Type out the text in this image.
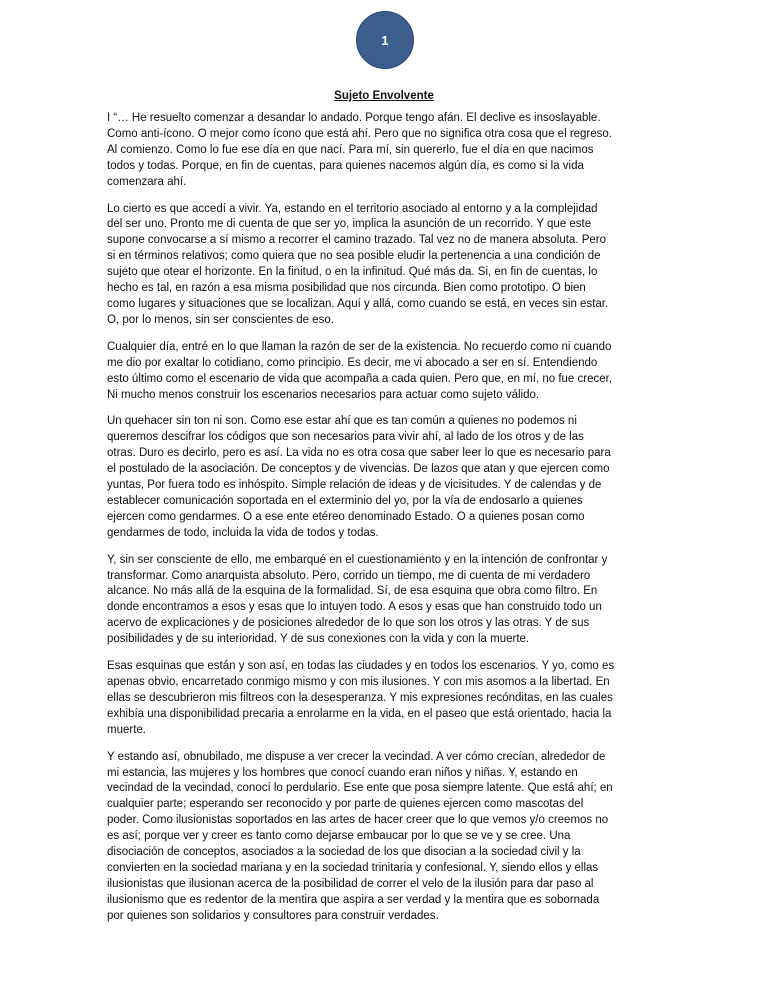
1

Sujeto Envolvente

I “… He resuelto comenzar a desandar lo andado. Porque tengo afán. El declive es insoslayable.
Como anti-ícono. O mejor como ícono que está ahí. Pero que no significa otra cosa que el regreso.
Al comienzo. Como lo fue ese día en que nací. Para mí, sin quererlo, fue el día en que nacimos
todos y todas. Porque, en fin de cuentas, para quienes nacemos algún día, es como si la vida
comenzara ahí.

Lo cierto es que accedí a vivir. Ya, estando en el territorio asociado al entorno y a la complejidad
del ser uno. Pronto me di cuenta de que ser yo, implica la asunción de un recorrido. Y que este
supone convocarse a sí mismo a recorrer el camino trazado. Tal vez no de manera absoluta. Pero
si en términos relativos; como quiera que no sea posible eludir la pertenencia a una condición de
sujeto que otear el horizonte. En la finitud, o en la infinitud. Qué más da. Si, en fin de cuentas, lo
hecho es tal, en razón a esa misma posibilidad que nos circunda. Bien como prototipo. O bien
como lugares y situaciones que se localizan. Aquí y allá, como cuando se está, en veces sin estar.
O, por lo menos, sin ser conscientes de eso.

Cualquier día, entré en lo que llaman la razón de ser de la existencia. No recuerdo como ni cuando
me dio por exaltar lo cotidiano, como principio. Es decir, me vi abocado a ser en sí. Entendiendo
esto último como el escenario de vida que acompaña a cada quien. Pero que, en mí, no fue crecer,
Ni mucho menos construir los escenarios necesarios para actuar como sujeto válido.

Un quehacer sin ton ni son. Como ese estar ahí que es tan común a quienes no podemos ni
queremos descifrar los códigos que son necesarios para vivir ahí, al lado de los otros y de las
otras. Duro es decirlo, pero es así. La vida no es otra cosa que saber leer lo que es necesario para
el postulado de la asociación. De conceptos y de vivencias. De lazos que atan y que ejercen como
yuntas, Por fuera todo es inhóspito. Simple relación de ideas y de vicisitudes. Y de calendas y de
establecer comunicación soportada en el exterminio del yo, por la vía de endosarlo a quienes
ejercen como gendarmes. O a ese ente etéreo denominado Estado. O a quienes posan como
gendarmes de todo, incluida la vida de todos y todas.

Y, sin ser consciente de ello, me embarqué en el cuestionamiento y en la intención de confrontar y
transformar. Como anarquista absoluto. Pero, corrido un tiempo, me di cuenta de mi verdadero
alcance. No más allá de la esquina de la formalidad. Sí, de esa esquina que obra como filtro. En
donde encontramos a esos y esas que lo intuyen todo. A esos y esas que han construido todo un
acervo de explicaciones y de posiciones alrededor de lo que son los otros y las otras. Y de sus
posibilidades y de su interioridad. Y de sus conexiones con la vida y con la muerte.

Esas esquinas que están y son así, en todas las ciudades y en todos los escenarios. Y yo, como es
apenas obvio, encarretado conmigo mismo y con mis ilusiones. Y con mis asomos a la libertad. En
ellas se descubrieron mis filtreos con la desesperanza. Y mis expresiones recónditas, en las cuales
exhibía una disponibilidad precaria a enrolarme en la vida, en el paseo que está orientado, hacia la
muerte.

Y estando así, obnubilado, me dispuse a ver crecer la vecindad. A ver cómo crecían, alrededor de
mi estancia, las mujeres y los hombres que conocí cuando eran niños y niñas. Y, estando en
vecindad de la vecindad, conocí lo perdulario. Ese ente que posa siempre latente. Que está ahí; en
cualquier parte; esperando ser reconocido y por parte de quienes ejercen como mascotas del
poder. Como ilusionistas soportados en las artes de hacer creer que lo que vemos y/o creemos no
es así; porque ver y creer es tanto como dejarse embaucar por lo que se ve y se cree. Una
disociación de conceptos, asociados a la sociedad de los que disocian a la sociedad civil y la
convierten en la sociedad mariana y en la sociedad trinitaria y confesional. Y, siendo ellos y ellas
ilusionistas que ilusionan acerca de la posibilidad de correr el velo de la ilusión para dar paso al
ilusionismo que es redentor de la mentira que aspira a ser verdad y la mentira que es sobornada
por quienes son solidarios y consultores para construir verdades.
